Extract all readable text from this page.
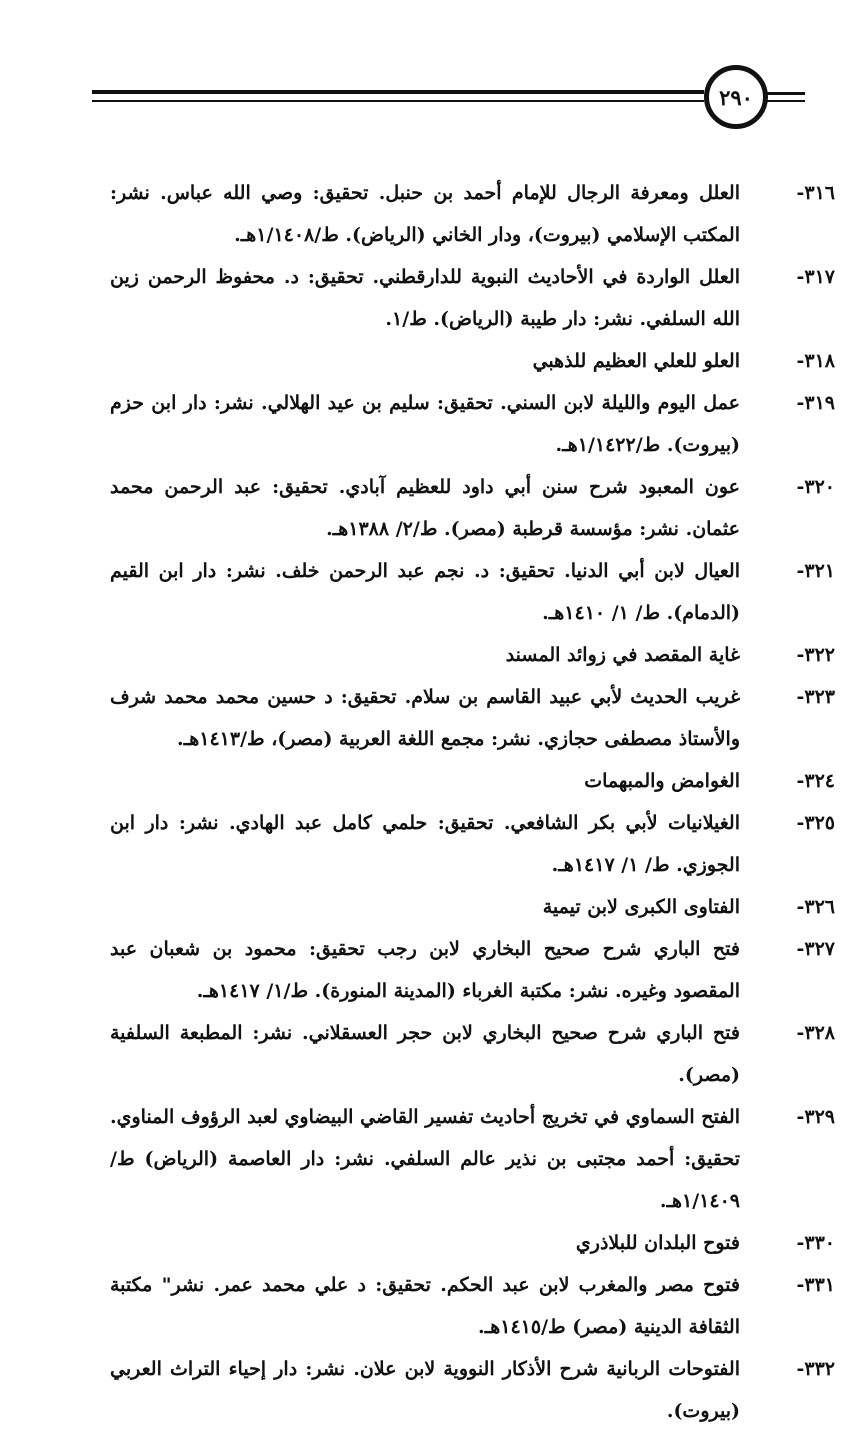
٢٩٠
٣١٦-
العلل ومعرفة الرجال للإمام أحمد بن حنبل. تحقيق: وصي الله عباس. نشر: المكتب الإسلامي (بيروت)، ودار الخاني (الرياض). ط/١/١٤٠٨هـ.
٣١٧-
العلل الواردة في الأحاديث النبوية للدارقطني. تحقيق: د. محفوظ الرحمن زين الله السلفي. نشر: دار طيبة (الرياض). ط/١.
٣١٨-
العلو للعلي العظيم للذهبي
٣١٩-
عمل اليوم والليلة لابن السني. تحقيق: سليم بن عيد الهلالي. نشر: دار ابن حزم (بيروت). ط/١/١٤٢٢هـ.
٣٢٠-
عون المعبود شرح سنن أبي داود للعظيم آبادي. تحقيق: عبد الرحمن محمد عثمان. نشر: مؤسسة قرطبة (مصر). ط/٢/ ١٣٨٨هـ.
٣٢١-
العيال لابن أبي الدنيا. تحقيق: د. نجم عبد الرحمن خلف. نشر: دار ابن القيم (الدمام). ط/ ١/ ١٤١٠هـ.
٣٢٢-
غاية المقصد في زوائد المسند
٣٢٣-
غريب الحديث لأبي عبيد القاسم بن سلام. تحقيق: د حسين محمد محمد شرف والأستاذ مصطفى حجازي. نشر: مجمع اللغة العربية (مصر)، ط/١٤١٣هـ.
٣٢٤-
الغوامض والمبهمات
٣٢٥-
الغيلانيات لأبي بكر الشافعي. تحقيق: حلمي كامل عبد الهادي. نشر: دار ابن الجوزي. ط/ ١/ ١٤١٧هـ.
٣٢٦-
الفتاوى الكبرى لابن تيمية
٣٢٧-
فتح الباري شرح صحيح البخاري لابن رجب تحقيق: محمود بن شعبان عبد المقصود وغيره. نشر: مكتبة الغرباء (المدينة المنورة). ط/١/ ١٤١٧هـ.
٣٢٨-
فتح الباري شرح صحيح البخاري لابن حجر العسقلاني. نشر: المطبعة السلفية (مصر).
٣٢٩-
الفتح السماوي في تخريج أحاديث تفسير القاضي البيضاوي لعبد الرؤوف المناوي. تحقيق: أحمد مجتبى بن نذير عالم السلفي. نشر: دار العاصمة (الرياض) ط/١/١٤٠٩هـ.
٣٣٠-
فتوح البلدان للبلاذري
٣٣١-
فتوح مصر والمغرب لابن عبد الحكم. تحقيق: د علي محمد عمر. نشر" مكتبة الثقافة الدينية (مصر) ط/١٤١٥هـ.
٣٣٢-
الفتوحات الربانية شرح الأذكار النووية لابن علان. نشر: دار إحياء التراث العربي (بيروت).
